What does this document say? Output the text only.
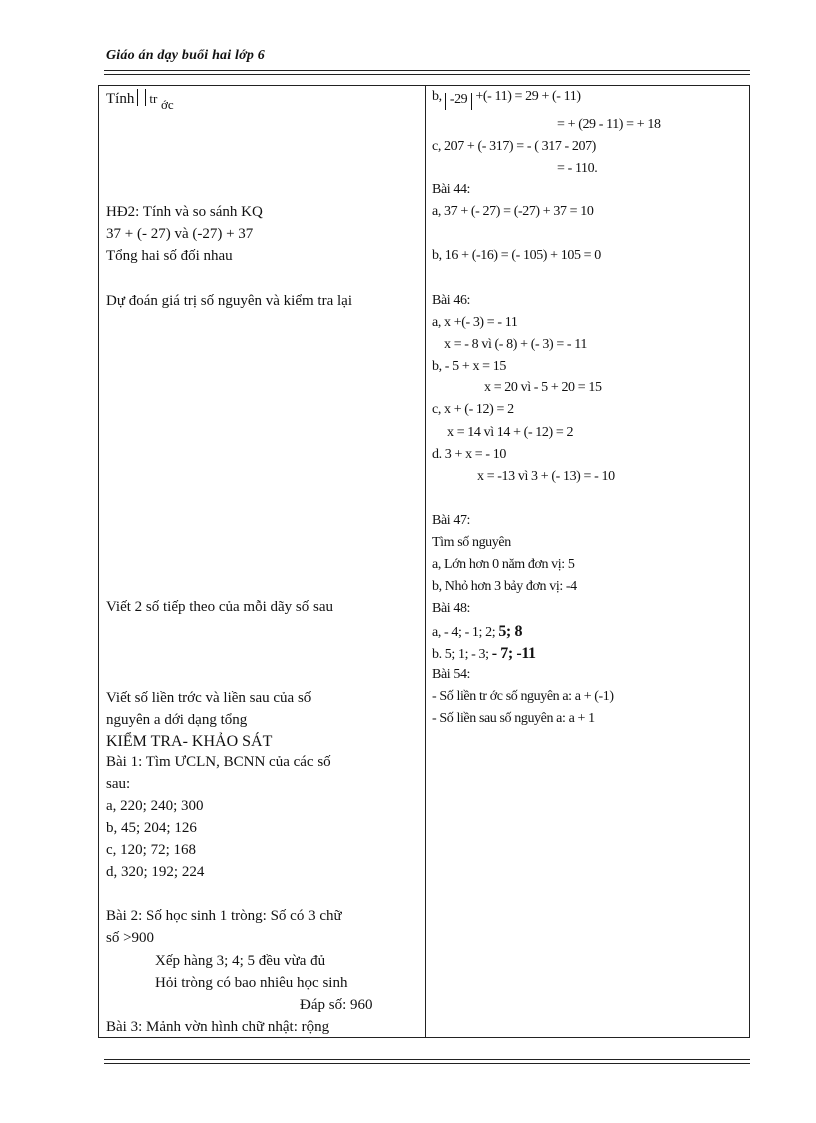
Giáo án dạy buổi hai lớp 6
Tính tr ớc
HĐ2: Tính và so sánh KQ
37 + (- 27) và (-27) + 37
Tổng hai số đối nhau
Dự đoán giá trị số nguyên và kiểm tra lại
Viết 2 số tiếp theo của mỗi dãy số sau
Viết số liền trớc và liền sau của số
nguyên a dới dạng tổng
KIỂM TRA- KHẢO SÁT
Bài 1: Tìm ƯCLN, BCNN của các số
sau:
a, 220; 240; 300
b, 45; 204; 126
c, 120; 72; 168
d, 320; 192; 224
Bài 2: Số học sinh 1 tròng: Số có 3 chữ
số >900
Xếp hàng 3; 4; 5 đều vừa đủ
Hỏi tròng có bao nhiêu học sinh
Đáp số: 960
Bài 3: Mảnh vờn hình chữ nhật: rộng
b, -29 +(- 11) = 29 + (- 11)
= + (29 - 11) = + 18
c, 207 + (- 317) = - ( 317 - 207)
= - 110.
Bài 44:
a, 37 + (- 27) = (-27) + 37 = 10
b, 16 + (-16) = (- 105) + 105 = 0
Bài 46:
a, x +(- 3) = - 11
x = - 8 vì (- 8) + (- 3) = - 11
b, - 5 + x = 15
x = 20 vì - 5 + 20 = 15
c, x + (- 12) = 2
x = 14 vì 14 + (- 12) = 2
d. 3 + x = - 10
x = -13 vì 3 + (- 13) = - 10
Bài 47:
Tìm số nguyên
a, Lớn hơn 0 năm đơn vị: 5
b, Nhỏ hơn 3 bảy đơn vị: -4
Bài 48:
a, - 4; - 1; 2; 5; 8
b. 5; 1; - 3; - 7; -11
Bài 54:
- Số liền tr ớc số nguyên a: a + (-1)
- Số liền sau số nguyên a: a + 1
